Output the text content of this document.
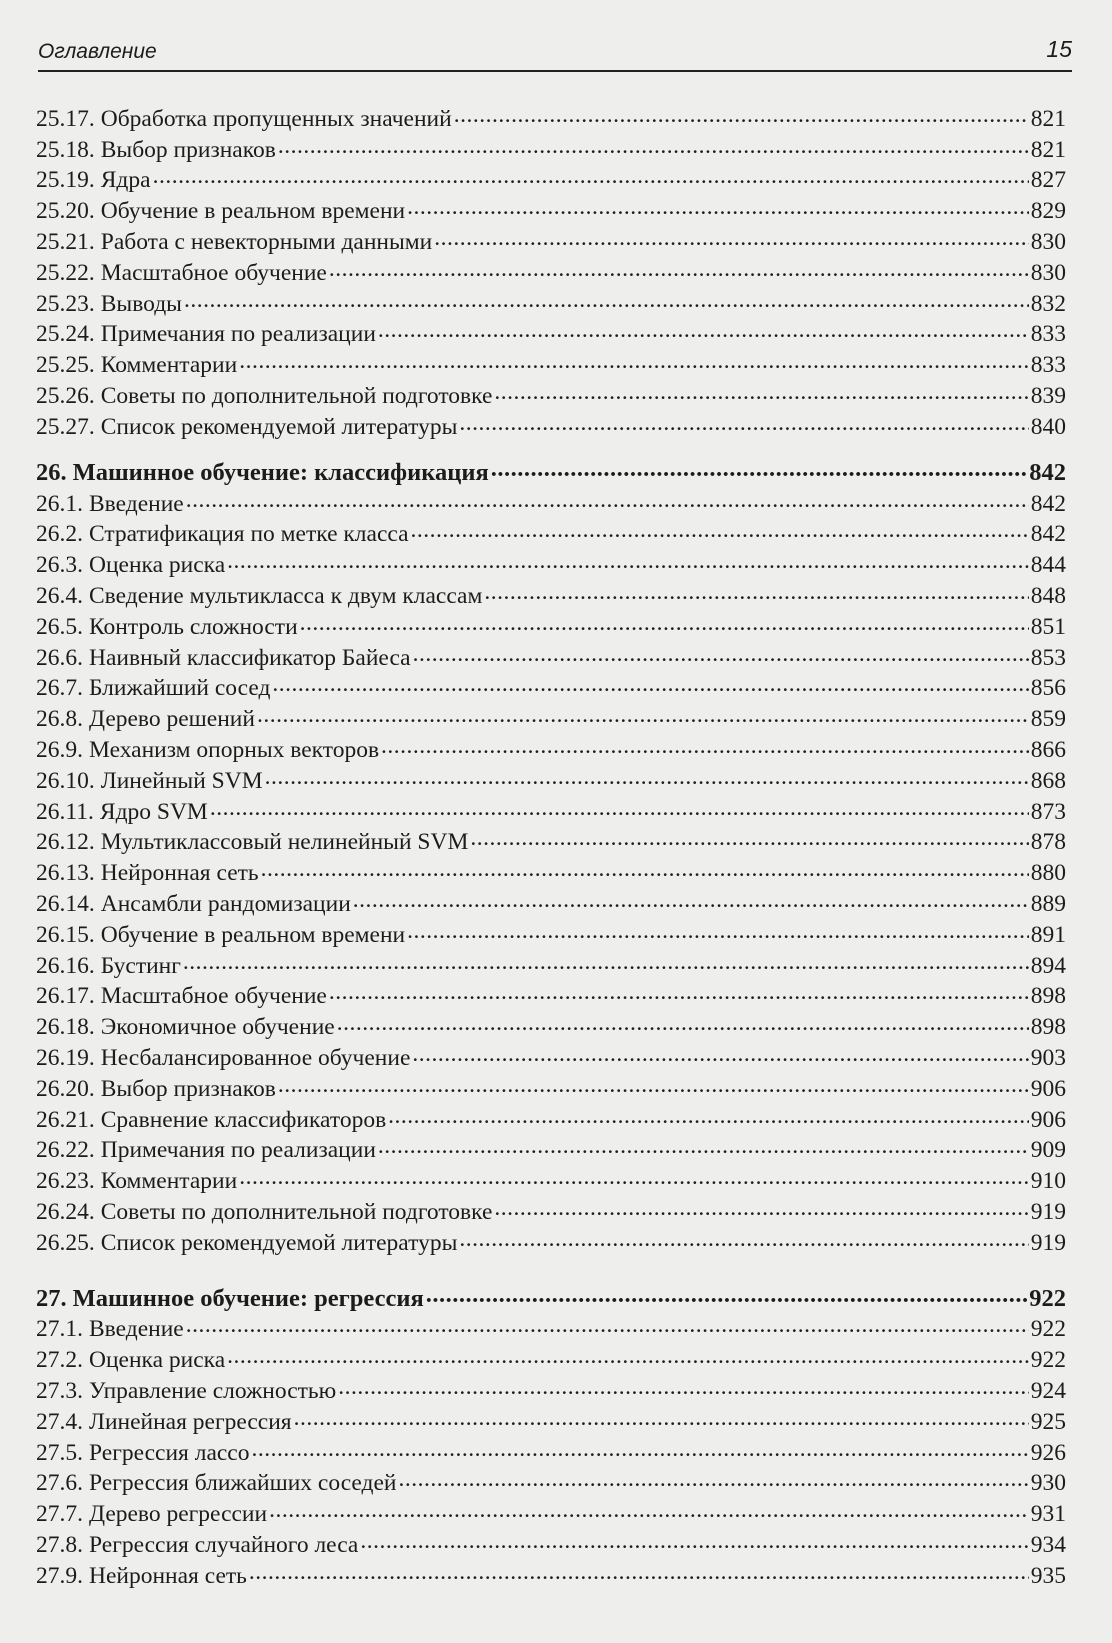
Оглавление	15
25.17. Обработка пропущенных значений .....	821
25.18. Выбор признаков .....	821
25.19. Ядра .....	827
25.20. Обучение в реальном времени .....	829
25.21. Работа с невекторными данными .....	830
25.22. Масштабное обучение .....	830
25.23. Выводы .....	832
25.24. Примечания по реализации .....	833
25.25. Комментарии .....	833
25.26. Советы по дополнительной подготовке .....	839
25.27. Список рекомендуемой литературы .....	840
26. Машинное обучение: классификация .....	842
26.1. Введение .....	842
26.2. Стратификация по метке класса .....	842
26.3. Оценка риска .....	844
26.4. Сведение мультикласса к двум классам .....	848
26.5. Контроль сложности .....	851
26.6. Наивный классификатор Байеса .....	853
26.7. Ближайший сосед .....	856
26.8. Дерево решений .....	859
26.9. Механизм опорных векторов .....	866
26.10. Линейный SVM .....	868
26.11. Ядро SVM .....	873
26.12. Мультиклассовый нелинейный SVM .....	878
26.13. Нейронная сеть .....	880
26.14. Ансамбли рандомизации .....	889
26.15. Обучение в реальном времени .....	891
26.16. Бустинг .....	894
26.17. Масштабное обучение .....	898
26.18. Экономичное обучение .....	898
26.19. Несбалансированное обучение .....	903
26.20. Выбор признаков .....	906
26.21. Сравнение классификаторов .....	906
26.22. Примечания по реализации .....	909
26.23. Комментарии .....	910
26.24. Советы по дополнительной подготовке .....	919
26.25. Список рекомендуемой литературы .....	919
27. Машинное обучение: регрессия .....	922
27.1. Введение .....	922
27.2. Оценка риска .....	922
27.3. Управление сложностью .....	924
27.4. Линейная регрессия .....	925
27.5. Регрессия лассо .....	926
27.6. Регрессия ближайших соседей .....	930
27.7. Дерево регрессии .....	931
27.8. Регрессия случайного леса .....	934
27.9. Нейронная сеть .....	935
